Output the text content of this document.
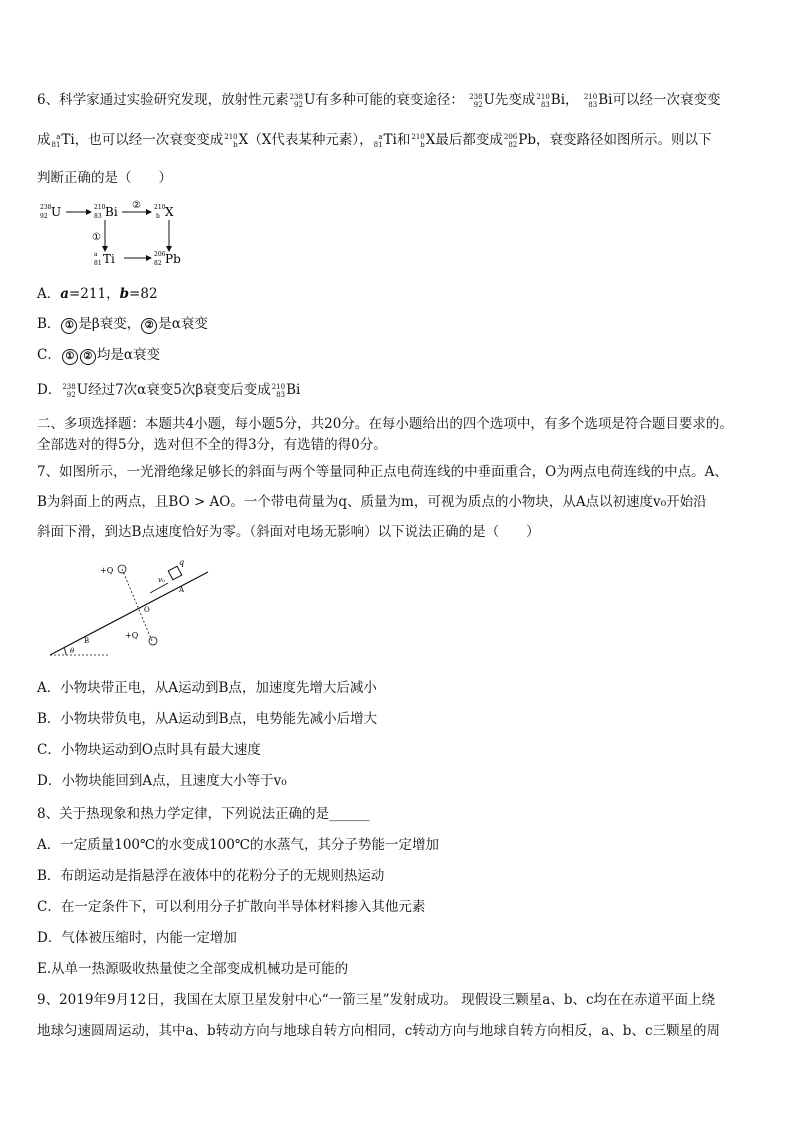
6、科学家通过实验研究发现，放射性元素 238
92 U有多种可能的衰变途径： 238
92 U先变成 210
83 Bi， 210
83 Bi可以经一次衰变变
成 a
81 Ti，也可以经一次衰变变成 210
b X（X代表某种元素）， a
81 Ti和 210
b X最后都变成 206
82 Pb，衰变路径如图所示。则以下
判断正确的是（　　）
238
92 U	210
83 Bi ② 210
b X
①
a
81 Ti	206
82 Pb
A．a=211，b=82
B． ① 是β衰变， ② 是α衰变
C． ① ② 均是α衰变
D． 238
92 U经过7次α衰变5次β衰变后变成 210
83 Bi
二、多项选择题：本题共4小题，每小题5分，共20分。在每小题给出的四个选项中，有多个选项是符合题目要求的。
全部选对的得5分，选对但不全的得3分，有选错的得0分。
7、如图所示，一光滑绝缘足够长的斜面与两个等量同种正点电荷连线的中垂面重合，O为两点电荷连线的中点。A、
B为斜面上的两点，且BO > AO。一个带电荷量为q、质量为m，可视为质点的小物块，从A点以初速度v₀开始沿
斜面下滑，到达B点速度恰好为零。（斜面对电场无影响）以下说法正确的是（　　）
+Q
+Q
q
v₀
A
O
B
θ
A．小物块带正电，从A运动到B点，加速度先增大后减小
B．小物块带负电，从A运动到B点，电势能先减小后增大
C．小物块运动到O点时具有最大速度
D．小物块能回到A点，且速度大小等于v₀
8、关于热现象和热力学定律，下列说法正确的是______
A．一定质量100℃的水变成100℃的水蒸气，其分子势能一定增加
B．布朗运动是指悬浮在液体中的花粉分子的无规则热运动
C．在一定条件下，可以利用分子扩散向半导体材料掺入其他元素
D．气体被压缩时，内能一定增加
E.从单一热源吸收热量使之全部变成机械功是可能的
9、2019年9月12日，我国在太原卫星发射中心“一箭三星”发射成功。 现假设三颗星a、b、c均在在赤道平面上绕
地球匀速圆周运动，其中a、b转动方向与地球自转方向相同，c转动方向与地球自转方向相反，a、b、c三颗星的周
